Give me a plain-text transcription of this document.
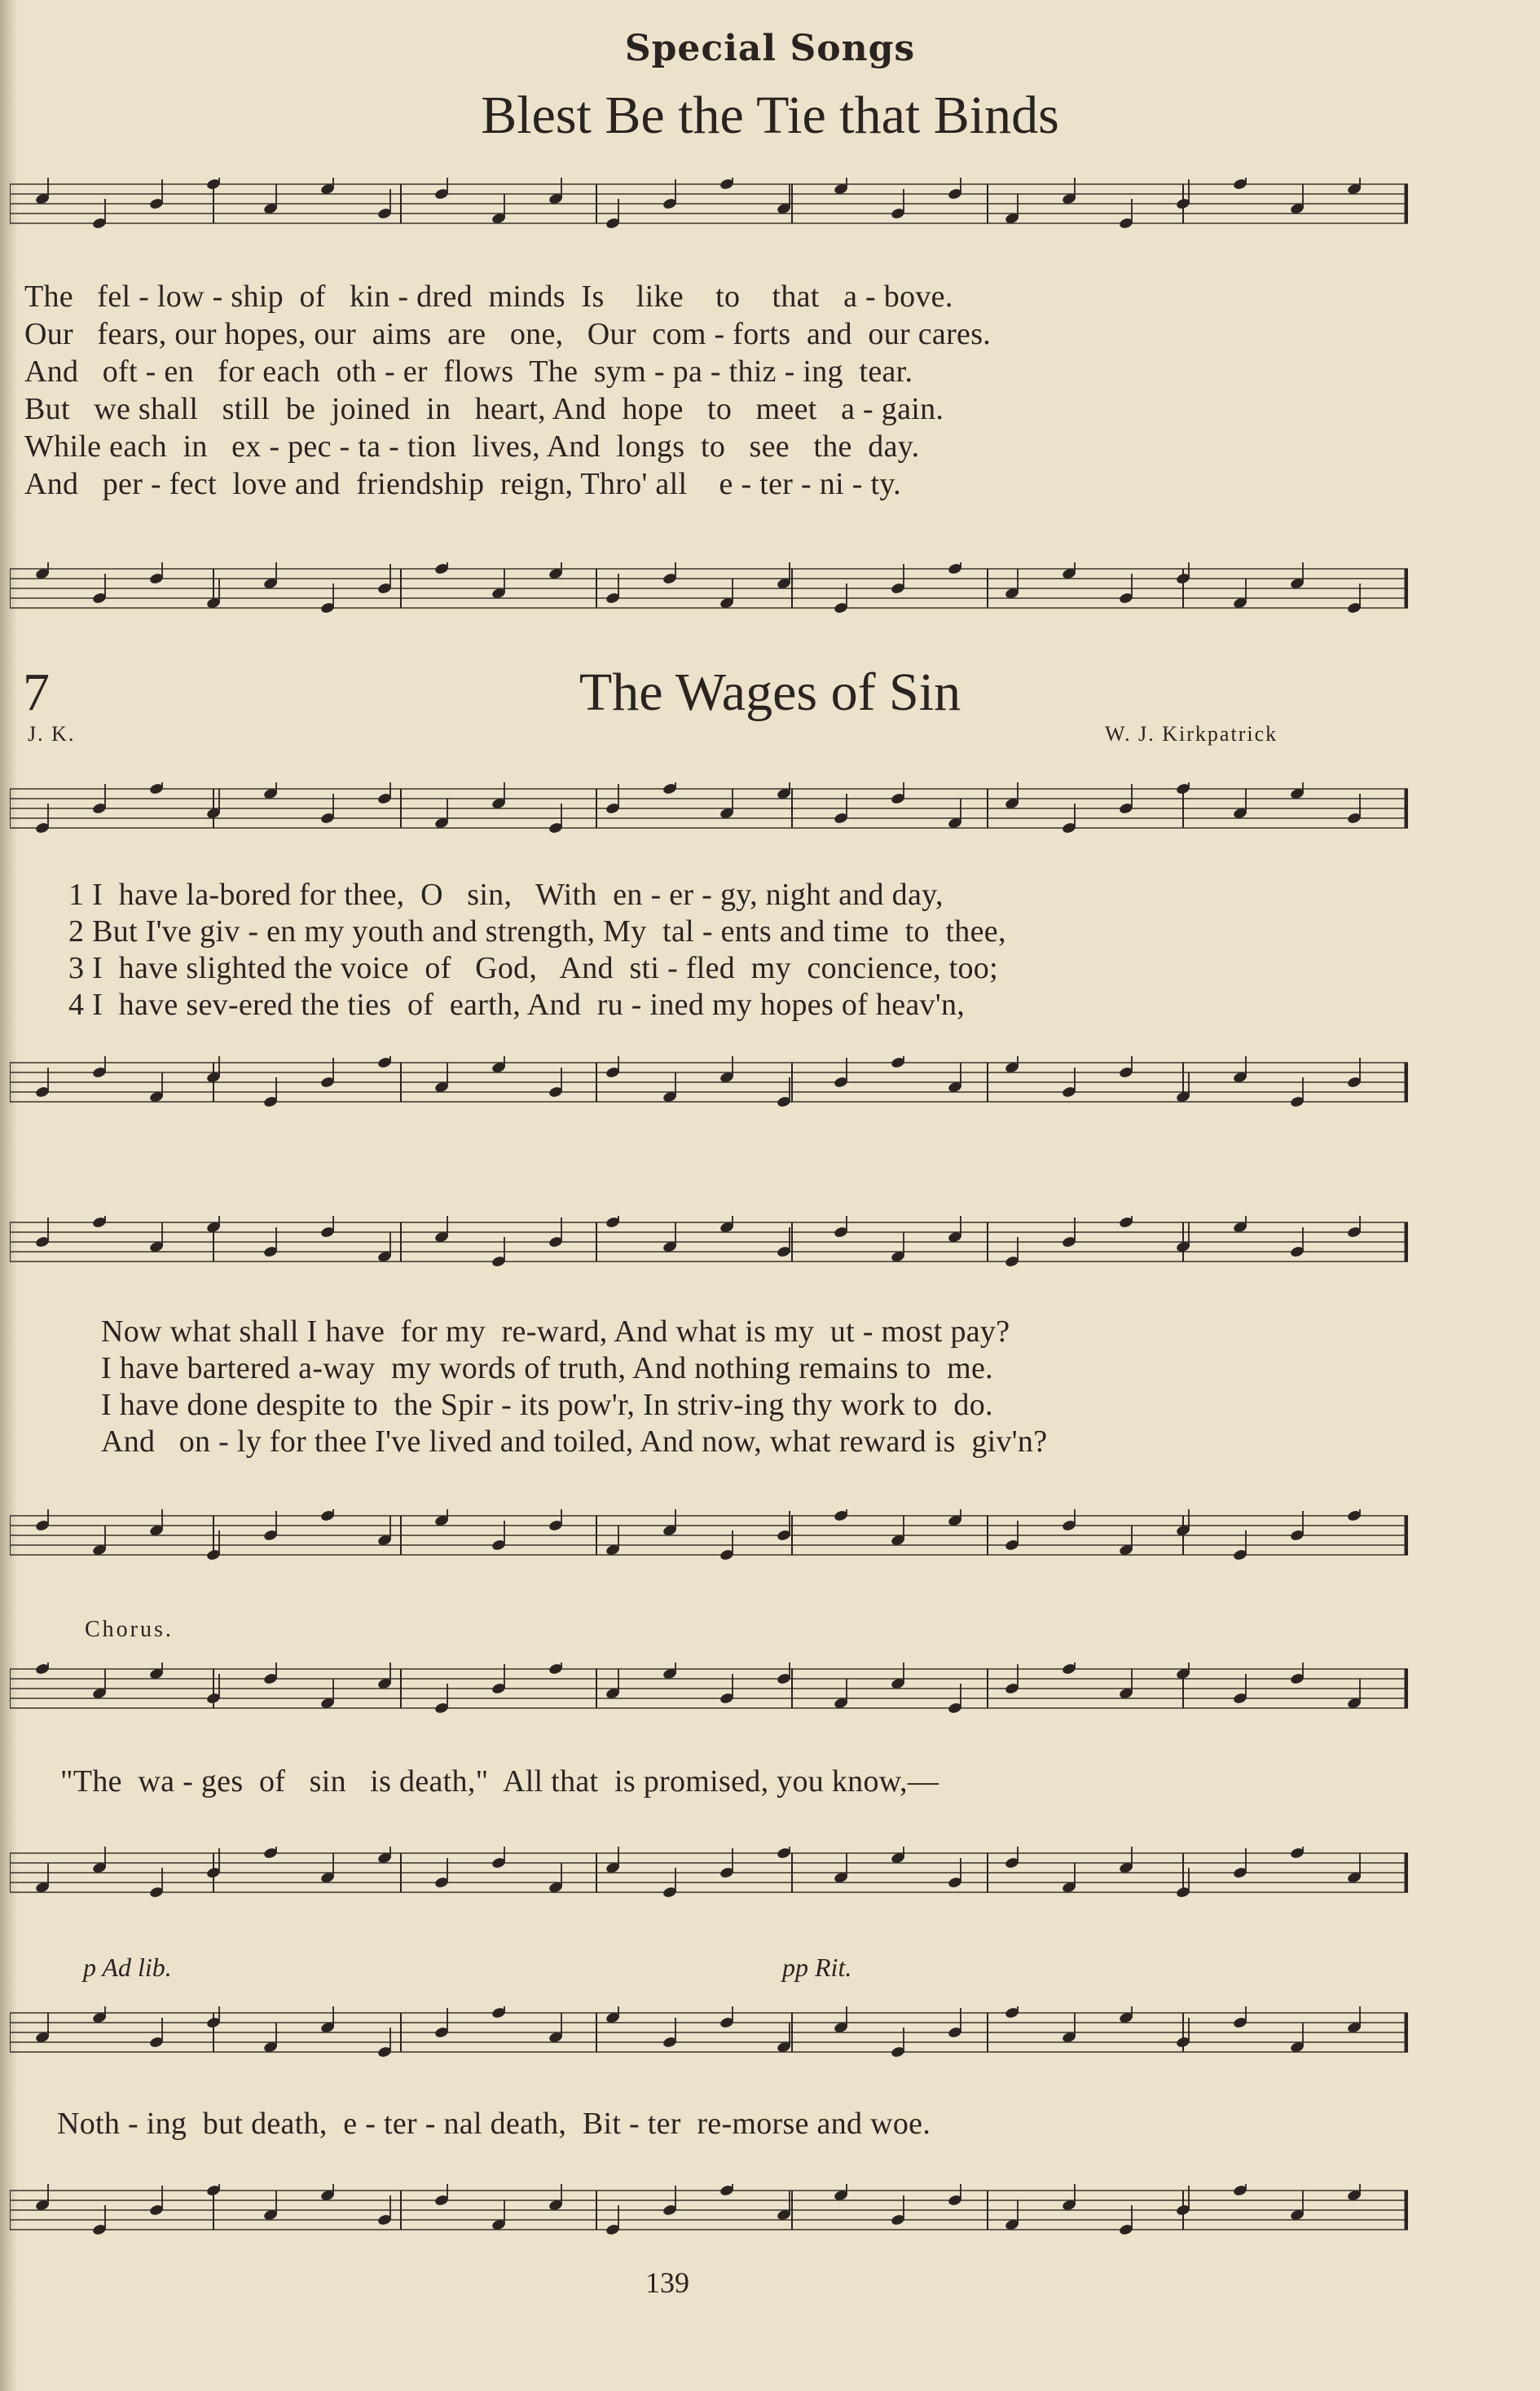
Special Songs
Blest Be the Tie that Binds
The   fel - low - ship  of   kin - dred  minds  Is    like    to    that   a - bove.
Our   fears, our hopes, our  aims  are   one,   Our  com - forts  and  our cares.
And   oft - en   for each  oth - er  flows  The  sym - pa - thiz - ing  tear.
But   we shall   still  be  joined  in   heart, And  hope   to   meet   a - gain.
While each  in   ex - pec - ta - tion  lives, And  longs  to   see   the  day.
And   per - fect  love and  friendship  reign, Thro' all    e - ter - ni - ty.
7	The Wages of Sin
J. K.	W. J. Kirkpatrick
1 I  have la-bored for thee,  O   sin,   With  en - er - gy, night and day,
2 But I've giv - en my youth and strength, My  tal - ents and time  to  thee,
3 I  have slighted the voice  of   God,   And  sti - fled  my  concience, too;
4 I  have sev-ered the ties  of  earth, And  ru - ined my hopes of heav'n,
Now what shall I have  for my  re-ward, And what is my  ut - most pay?
I have bartered a-way  my words of truth, And nothing remains to  me.
I have done despite to  the Spir - its pow'r, In striv-ing thy work to  do.
And   on - ly for thee I've lived and toiled, And now, what reward is  giv'n?
Chorus.
"The  wa - ges  of   sin   is death,"  All that  is promised, you know,—
p Ad lib.	pp Rit.
Noth - ing  but death,  e - ter - nal death,  Bit - ter  re-morse and woe.
139
